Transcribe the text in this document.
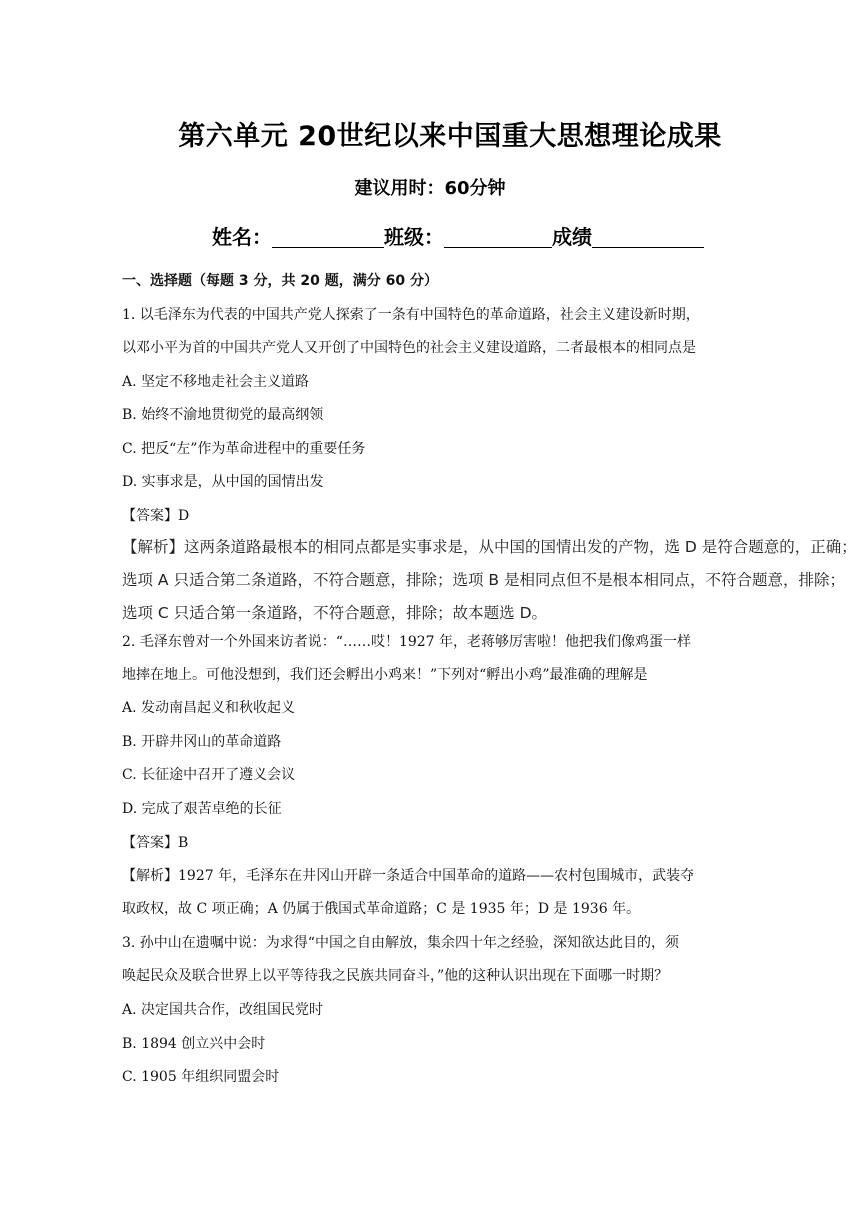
第六单元 20世纪以来中国重大思想理论成果
建议用时：60分钟
姓名：	班级：	成绩
一、选择题（每题 3 分，共 20 题，满分 60 分）
1. 以毛泽东为代表的中国共产党人探索了一条有中国特色的革命道路，社会主义建设新时期，
以邓小平为首的中国共产党人又开创了中国特色的社会主义建设道路，二者最根本的相同点是
A. 坚定不移地走社会主义道路
B. 始终不渝地贯彻党的最高纲领
C. 把反“左”作为革命进程中的重要任务
D. 实事求是，从中国的国情出发
【答案】D
【解析】这两条道路最根本的相同点都是实事求是，从中国的国情出发的产物，选 D 是符合题意的，正确；
选项 A 只适合第二条道路，不符合题意，排除；选项 B 是相同点但不是根本相同点，不符合题意，排除；
选项 C 只适合第一条道路，不符合题意，排除；故本题选 D。
2. 毛泽东曾对一个外国来访者说：“……哎！1927 年，老蒋够厉害啦！他把我们像鸡蛋一样
地摔在地上。可他没想到，我们还会孵出小鸡来！”下列对“孵出小鸡”最准确的理解是
A. 发动南昌起义和秋收起义
B. 开辟井冈山的革命道路
C. 长征途中召开了遵义会议
D. 完成了艰苦卓绝的长征
【答案】B
【解析】1927 年，毛泽东在井冈山开辟一条适合中国革命的道路——农村包围城市，武装夺
取政权，故 C 项正确；A 仍属于俄国式革命道路；C 是 1935 年；D 是 1936 年。
3. 孙中山在遗嘱中说：为求得“中国之自由解放，集余四十年之经验，深知欲达此目的，须
唤起民众及联合世界上以平等待我之民族共同奋斗，”他的这种认识出现在下面哪一时期？
A. 决定国共合作，改组国民党时
B. 1894 创立兴中会时
C. 1905 年组织同盟会时
